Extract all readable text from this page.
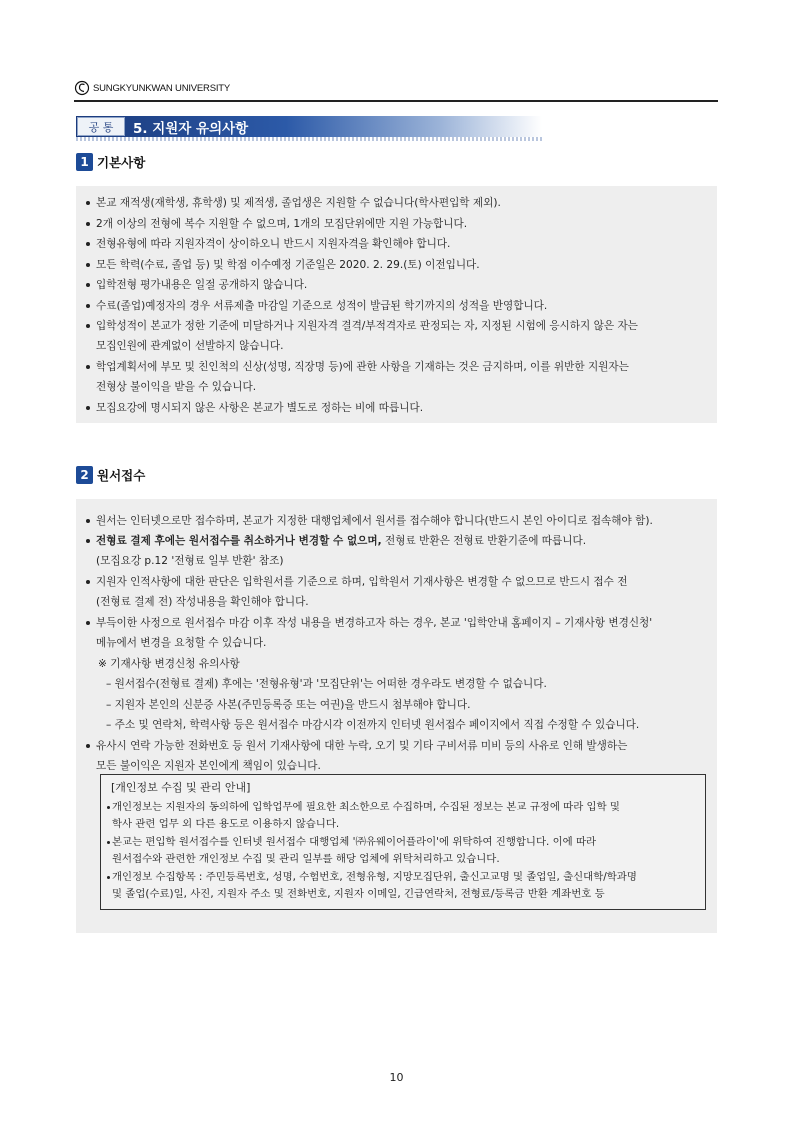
SUNGKYUNKWAN UNIVERSITY
공 통	5. 지원자 유의사항
1 기본사항
본교 재적생(재학생, 휴학생) 및 제적생, 졸업생은 지원할 수 없습니다(학사편입학 제외).
2개 이상의 전형에 복수 지원할 수 없으며, 1개의 모집단위에만 지원 가능합니다.
전형유형에 따라 지원자격이 상이하오니 반드시 지원자격을 확인해야 합니다.
모든 학력(수료, 졸업 등) 및 학점 이수예정 기준일은 2020. 2. 29.(토) 이전입니다.
입학전형 평가내용은 일절 공개하지 않습니다.
수료(졸업)예정자의 경우 서류제출 마감일 기준으로 성적이 발급된 학기까지의 성적을 반영합니다.
입학성적이 본교가 정한 기준에 미달하거나 지원자격 결격/부적격자로 판정되는 자, 지정된 시험에 응시하지 않은 자는
모집인원에 관계없이 선발하지 않습니다.
학업계획서에 부모 및 친인척의 신상(성명, 직장명 등)에 관한 사항을 기재하는 것은 금지하며, 이를 위반한 지원자는
전형상 불이익을 받을 수 있습니다.
모집요강에 명시되지 않은 사항은 본교가 별도로 정하는 비에 따릅니다.
2 원서접수
원서는 인터넷으로만 접수하며, 본교가 지정한 대행업체에서 원서를 접수해야 합니다(반드시 본인 아이디로 접속해야 함).
전형료 결제 후에는 원서접수를 취소하거나 변경할 수 없으며, 전형료 반환은 전형료 반환기준에 따릅니다.
(모집요강 p.12 '전형료 일부 반환' 참조)
지원자 인적사항에 대한 판단은 입학원서를 기준으로 하며, 입학원서 기재사항은 변경할 수 없으므로 반드시 접수 전
(전형료 결제 전) 작성내용을 확인해야 합니다.
부득이한 사정으로 원서접수 마감 이후 작성 내용을 변경하고자 하는 경우, 본교 '입학안내 홈페이지 – 기재사항 변경신청'
메뉴에서 변경을 요청할 수 있습니다.
※ 기재사항 변경신청 유의사항
– 원서접수(전형료 결제) 후에는 '전형유형'과 '모집단위'는 어떠한 경우라도 변경할 수 없습니다.
– 지원자 본인의 신분증 사본(주민등록증 또는 여권)을 반드시 첨부해야 합니다.
– 주소 및 연락처, 학력사항 등은 원서접수 마감시각 이전까지 인터넷 원서접수 페이지에서 직접 수정할 수 있습니다.
유사시 연락 가능한 전화번호 등 원서 기재사항에 대한 누락, 오기 및 기타 구비서류 미비 등의 사유로 인해 발생하는
모든 불이익은 지원자 본인에게 책임이 있습니다.
[개인정보 수집 및 관리 안내]
개인정보는 지원자의 동의하에 입학업무에 필요한 최소한으로 수집하며, 수집된 정보는 본교 규정에 따라 입학 및
학사 관련 업무 외 다른 용도로 이용하지 않습니다.
본교는 편입학 원서접수를 인터넷 원서접수 대행업체 '㈜유웨이어플라이'에 위탁하여 진행합니다. 이에 따라
원서접수와 관련한 개인정보 수집 및 관리 일부를 해당 업체에 위탁처리하고 있습니다.
개인정보 수집항목 : 주민등록번호, 성명, 수험번호, 전형유형, 지망모집단위, 출신고교명 및 졸업일, 출신대학/학과명
및 졸업(수료)일, 사진, 지원자 주소 및 전화번호, 지원자 이메일, 긴급연락처, 전형료/등록금 반환 계좌번호 등
10
